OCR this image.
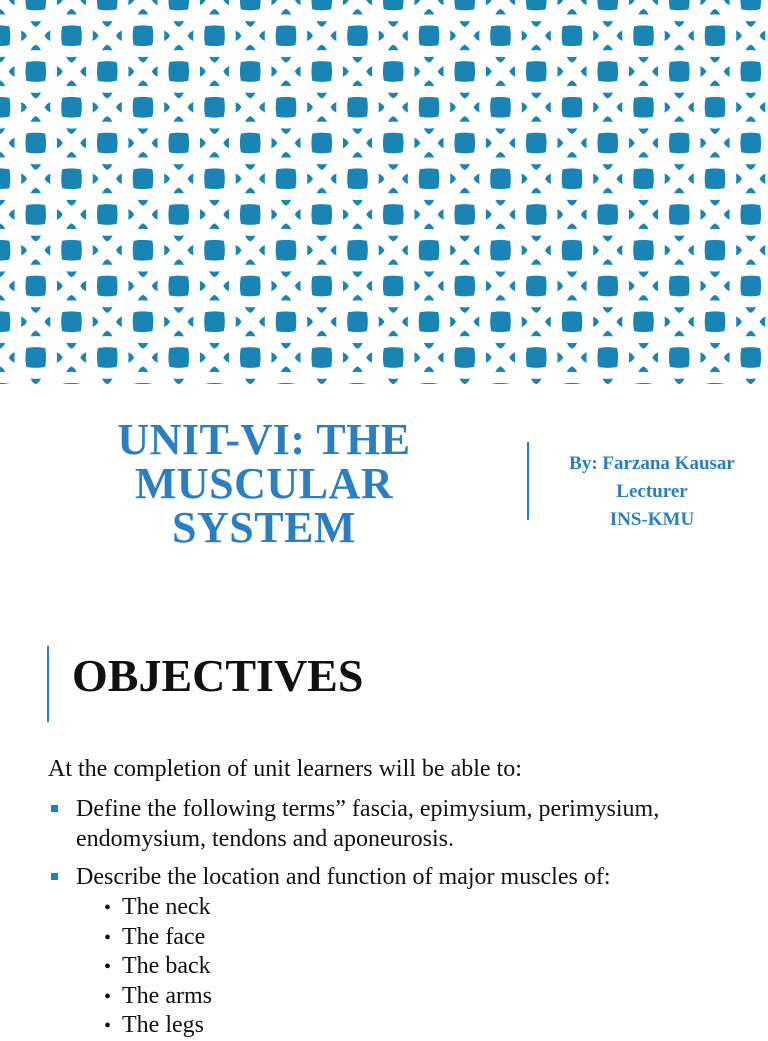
UNIT-VI: THE
MUSCULAR
SYSTEM
By: Farzana Kausar
Lecturer
INS-KMU
OBJECTIVES
At the completion of unit learners will be able to:
Define the following terms” fascia, epimysium, perimysium,
endomysium, tendons and aponeurosis.
Describe the location and function of major muscles of:
• The neck
• The face
• The back
• The arms
• The legs
